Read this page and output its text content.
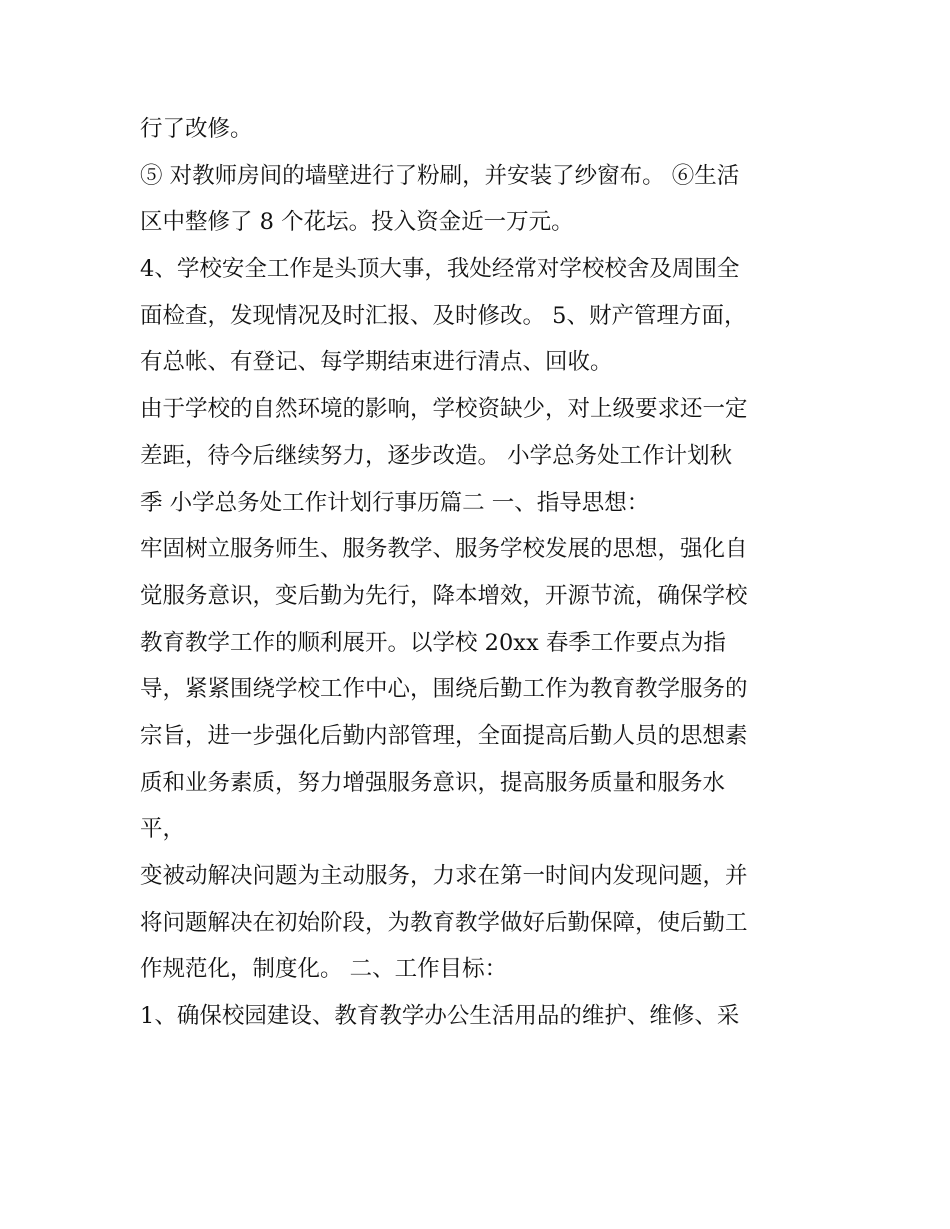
行了改修。
⑤ 对教师房间的墙壁进行了粉刷，并安装了纱窗布。 ⑥生活
区中整修了 8 个花坛。投入资金近一万元。
4、学校安全工作是头顶大事，我处经常对学校校舍及周围全
面检查，发现情况及时汇报、及时修改。 5、财产管理方面，
有总帐、有登记、每学期结束进行清点、回收。
由于学校的自然环境的影响，学校资缺少，对上级要求还一定
差距，待今后继续努力，逐步改造。 小学总务处工作计划秋
季 小学总务处工作计划行事历篇二 一、指导思想：
牢固树立服务师生、服务教学、服务学校发展的思想，强化自
觉服务意识，变后勤为先行，降本增效，开源节流，确保学校
教育教学工作的顺利展开。以学校 20xx 春季工作要点为指
导，紧紧围绕学校工作中心，围绕后勤工作为教育教学服务的
宗旨，进一步强化后勤内部管理，全面提高后勤人员的思想素
质和业务素质，努力增强服务意识，提高服务质量和服务水
平，
变被动解决问题为主动服务，力求在第一时间内发现问题，并
将问题解决在初始阶段，为教育教学做好后勤保障，使后勤工
作规范化，制度化。 二、工作目标：
1、确保校园建设、教育教学办公生活用品的维护、维修、采
